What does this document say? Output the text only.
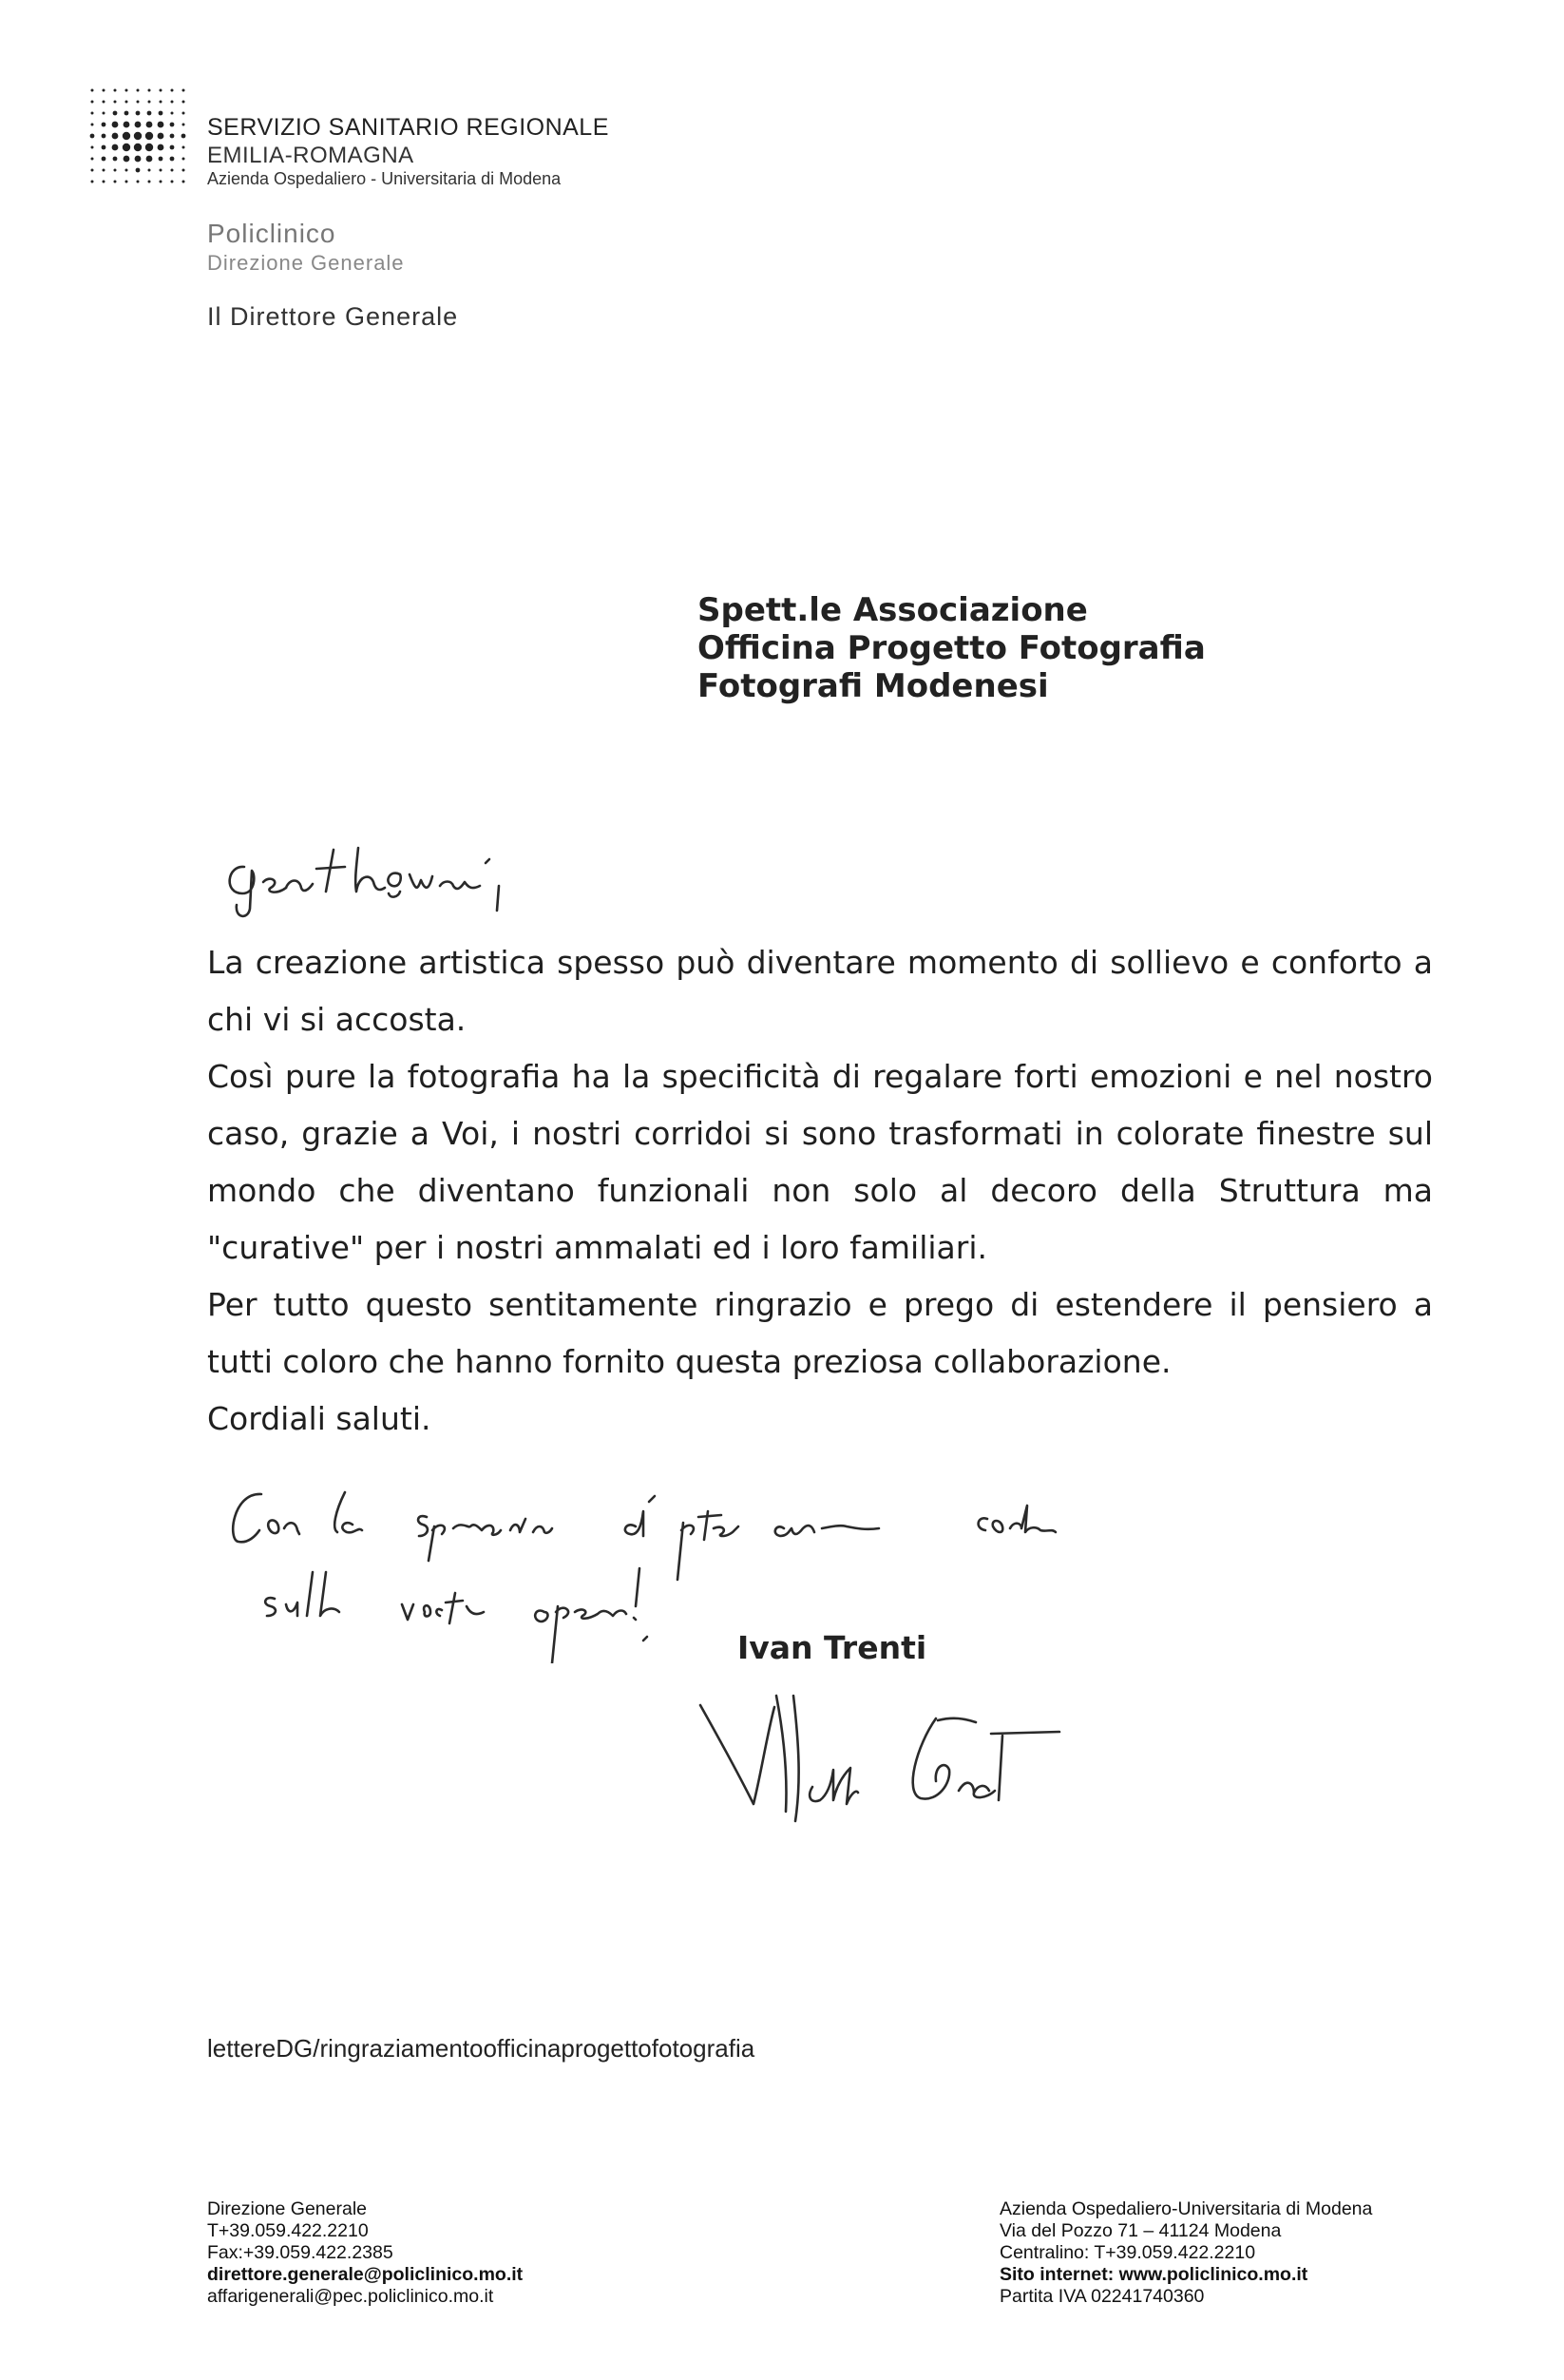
SERVIZIO SANITARIO REGIONALE
EMILIA-ROMAGNA
Azienda Ospedaliero - Universitaria di Modena
Policlinico
Direzione Generale
Il Direttore Generale
Spett.le Associazione
Officina Progetto Fotografia
Fotografi Modenesi
La creazione artistica spesso può diventare momento di sollievo e conforto a
chi vi si accosta.
Così pure la fotografia ha la specificità di regalare forti emozioni e nel nostro
caso, grazie a Voi, i nostri corridoi si sono trasformati in colorate finestre sul
mondo che diventano funzionali non solo al decoro della Struttura ma
"curative" per i nostri ammalati ed i loro familiari.
Per tutto questo sentitamente ringrazio e prego di estendere il pensiero a
tutti coloro che hanno fornito questa preziosa collaborazione.
Cordiali saluti.
Ivan Trenti
lettereDG/ringraziamentoofficinaprogettofotografia
Direzione Generale
T+39.059.422.2210
Fax:+39.059.422.2385
direttore.generale@policlinico.mo.it
affarigenerali@pec.policlinico.mo.it
Azienda Ospedaliero-Universitaria di Modena
Via del Pozzo 71 – 41124 Modena
Centralino: T+39.059.422.2210
Sito internet: www.policlinico.mo.it
Partita IVA 02241740360
